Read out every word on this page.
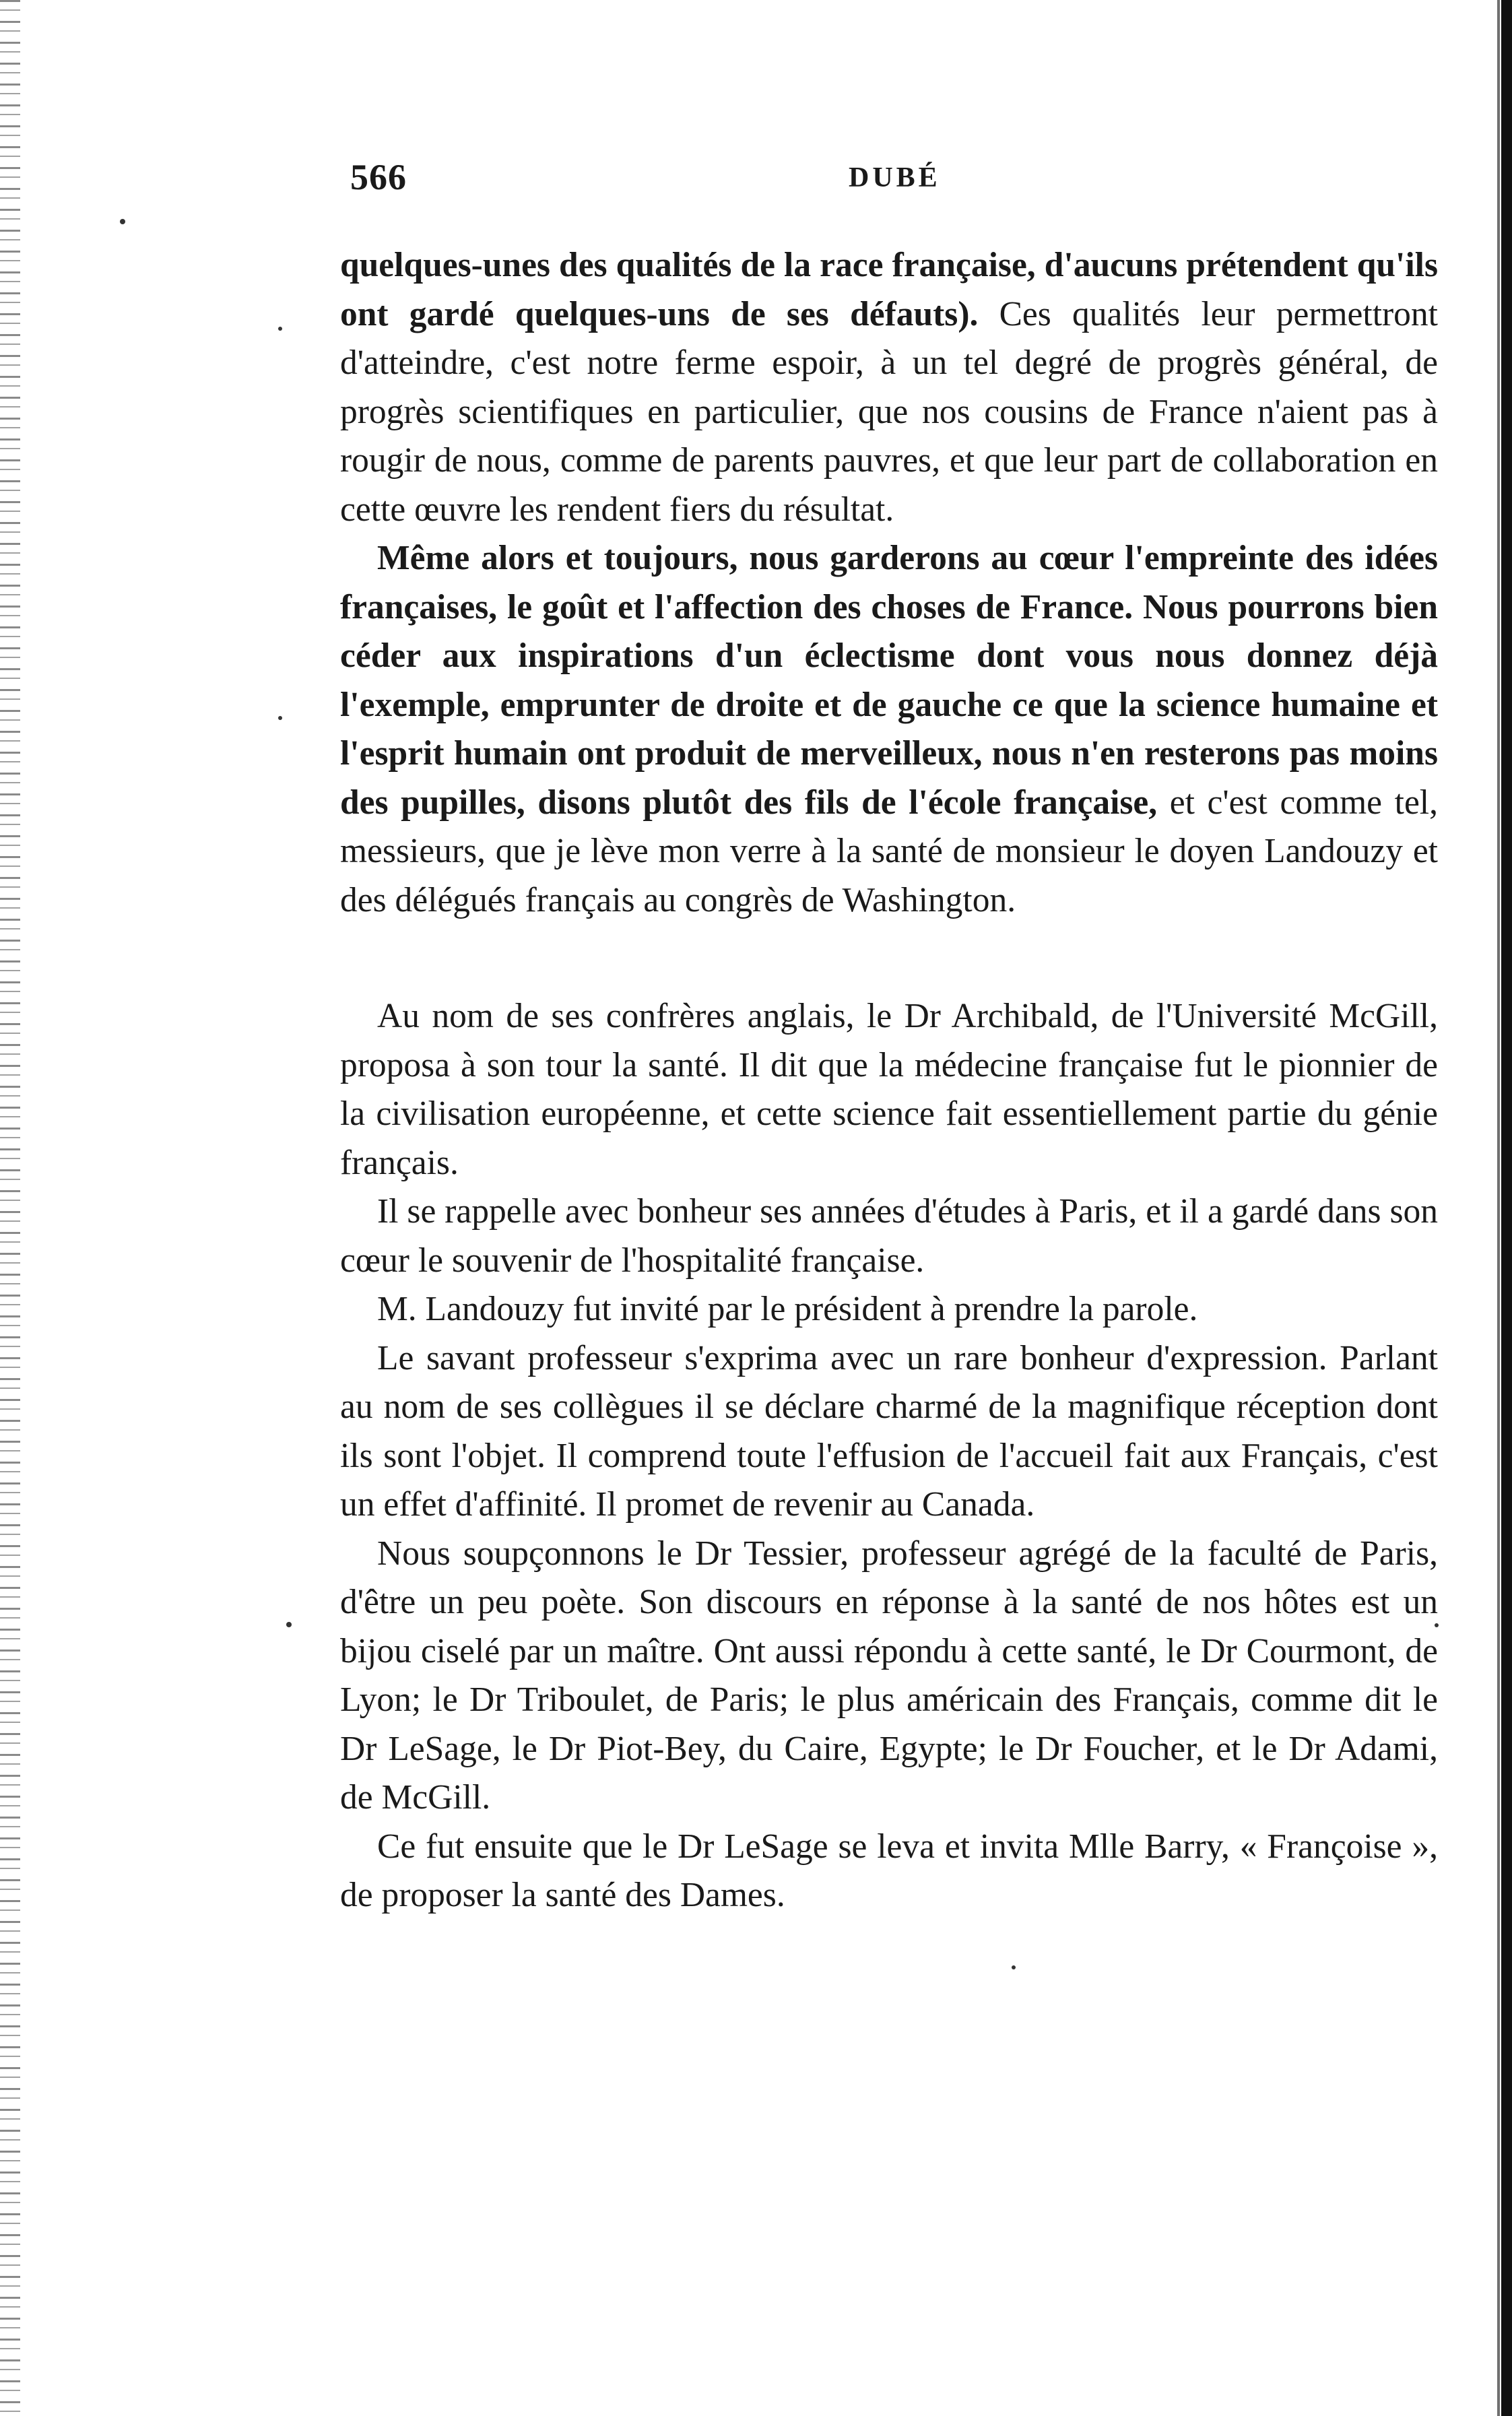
566	DUBÉ

quelques-unes des qualités de la race française, d'aucuns prétendent qu'ils ont gardé quelques-uns de ses défauts). Ces qualités leur permettront d'atteindre, c'est notre ferme espoir, à un tel degré de progrès général, de progrès scientifiques en particulier, que nos cousins de France n'aient pas à rougir de nous, comme de parents pauvres, et que leur part de collaboration en cette œuvre les rendent fiers du résultat.

Même alors et toujours, nous garderons au cœur l'empreinte des idées françaises, le goût et l'affection des choses de France. Nous pourrons bien céder aux inspirations d'un éclectisme dont vous nous donnez déjà l'exemple, emprunter de droite et de gauche ce que la science humaine et l'esprit humain ont produit de merveilleux, nous n'en resterons pas moins des pupilles, disons plutôt des fils de l'école française, et c'est comme tel, messieurs, que je lève mon verre à la santé de monsieur le doyen Landouzy et des délégués français au congrès de Washington.

Au nom de ses confrères anglais, le Dr Archibald, de l'Université McGill, proposa à son tour la santé. Il dit que la médecine française fut le pionnier de la civilisation européenne, et cette science fait essentiellement partie du génie français.

Il se rappelle avec bonheur ses années d'études à Paris, et il a gardé dans son cœur le souvenir de l'hospitalité française.

M. Landouzy fut invité par le président à prendre la parole.

Le savant professeur s'exprima avec un rare bonheur d'expression. Parlant au nom de ses collègues il se déclare charmé de la magnifique réception dont ils sont l'objet. Il comprend toute l'effusion de l'accueil fait aux Français, c'est un effet d'affinité. Il promet de revenir au Canada.

Nous soupçonnons le Dr Tessier, professeur agrégé de la faculté de Paris, d'être un peu poète. Son discours en réponse à la santé de nos hôtes est un bijou ciselé par un maître. Ont aussi répondu à cette santé, le Dr Courmont, de Lyon; le Dr Triboulet, de Paris; le plus américain des Français, comme dit le Dr LeSage, le Dr Piot-Bey, du Caire, Egypte; le Dr Foucher, et le Dr Adami, de McGill.

Ce fut ensuite que le Dr LeSage se leva et invita Mlle Barry, « Françoise », de proposer la santé des Dames.
